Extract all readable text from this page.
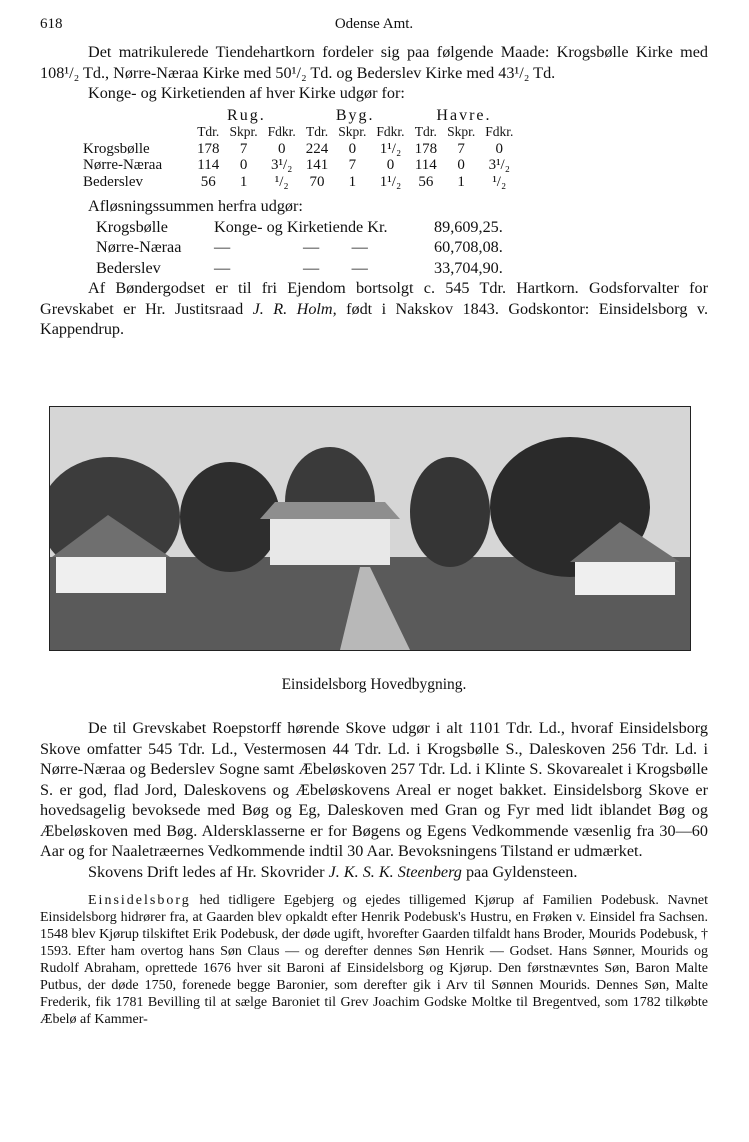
618	Odense Amt.

Det matrikulerede Tiendehartkorn fordeler sig paa følgende Maade: Krogsbølle Kirke med 108¹/₂ Td., Nørre-Næraa Kirke med 50¹/₂ Td. og Bederslev Kirke med 43¹/₂ Td.

Konge- og Kirketienden af hver Kirke udgør for:

	Rug.			Byg.			Havre.		
	Tdr.	Skpr.	Fdkr.	Tdr.	Skpr.	Fdkr.	Tdr.	Skpr.	Fdkr.
Krogsbølle	178	7	0	224	0	1¹/₂	178	7	0
Nørre-Næraa	114	0	3¹/₂	141	7	0	114	0	3¹/₂
Bederslev	56	1	¹/₂	70	1	1¹/₂	56	1	¹/₂

Afløsningssummen herfra udgør:

Krogsbølle	Konge- og Kirketiende Kr.	89,609,25.
Nørre-Næraa	—                  —        —	60,708,08.
Bederslev	—                  —        —	33,704,90.

Af Bøndergodset er til fri Ejendom bortsolgt c. 545 Tdr. Hartkorn. Godsforvalter for Grevskabet er Hr. Justitsraad J. R. Holm, født i Nakskov 1843. Godskontor: Einsidelsborg v. Kappendrup.

Einsidelsborg Hovedbygning.

De til Grevskabet Roepstorff hørende Skove udgør i alt 1101 Tdr. Ld., hvoraf Einsidelsborg Skove omfatter 545 Tdr. Ld., Vestermosen 44 Tdr. Ld. i Krogsbølle S., Daleskoven 256 Tdr. Ld. i Nørre-Næraa og Bederslev Sogne samt Æbeløskoven 257 Tdr. Ld. i Klinte S. Skovarealet i Krogsbølle S. er god, flad Jord, Daleskovens og Æbeløskovens Areal er noget bakket. Einsidelsborg Skove er hovedsagelig bevoksede med Bøg og Eg, Daleskoven med Gran og Fyr med lidt iblandet Bøg og Æbeløskoven med Bøg. Aldersklasserne er for Bøgens og Egens Vedkommende væsenlig fra 30—60 Aar og for Naaletræernes Vedkommende indtil 30 Aar. Bevoksningens Tilstand er udmærket.

Skovens Drift ledes af Hr. Skovrider J. K. S. K. Steenberg paa Gyldensteen.

Einsidelsborg hed tidligere Egebjerg og ejedes tilligemed Kjørup af Familien Podebusk. Navnet Einsidelsborg hidrører fra, at Gaarden blev opkaldt efter Henrik Podebusk's Hustru, en Frøken v. Einsidel fra Sachsen. 1548 blev Kjørup tilskiftet Erik Podebusk, der døde ugift, hvorefter Gaarden tilfaldt hans Broder, Mourids Podebusk, † 1593. Efter ham overtog hans Søn Claus — og derefter dennes Søn Henrik — Godset. Hans Sønner, Mourids og Rudolf Abraham, oprettede 1676 hver sit Baroni af Einsidelsborg og Kjørup. Den førstnævntes Søn, Baron Malte Putbus, der døde 1750, forenede begge Baronier, som derefter gik i Arv til Sønnen Mourids. Dennes Søn, Malte Frederik, fik 1781 Bevilling til at sælge Baroniet til Grev Joachim Godske Moltke til Bregentved, som 1782 tilkøbte Æbelø af Kammer-
